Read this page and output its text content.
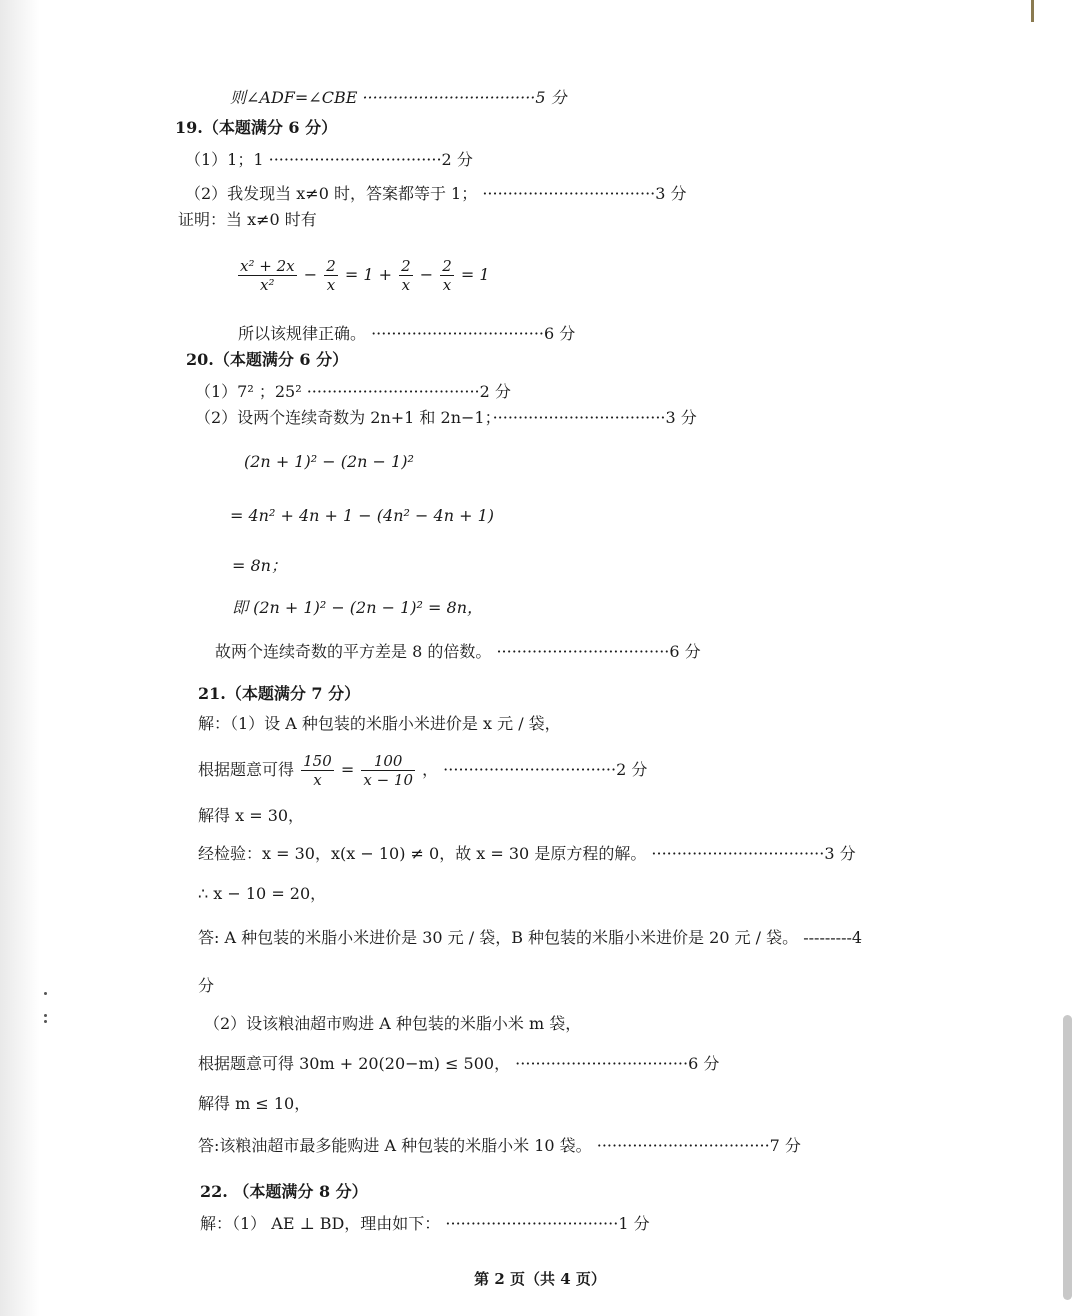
则∠ADF=∠CBE ··································5 分
19.（本题满分 6 分）
（1）1；1 ··································2 分
（2）我发现当 x≠0 时，答案都等于 1； ··································3 分
证明：当 x≠0 时有
$\frac{\text{x² + 2x}}{\text{x²}} - \frac{2}{x} = 1 + \frac{2}{x} - \frac{2}{x} = 1$
所以该规律正确。 ··································6 分
20.（本题满分 6 分）
（1）7² ；25² ··································2 分
（2）设两个连续奇数为 2n+1 和 2n−1；··································3 分
(2n + 1)² − (2n − 1)²
= 4n² + 4n + 1 − (4n² − 4n + 1)
= 8n；
即 (2n + 1)² − (2n − 1)² = 8n，
故两个连续奇数的平方差是 8 的倍数。 ··································6 分
21.（本题满分 7 分）
解：（1）设 A 种包装的米脂小米进价是 x 元 / 袋，
根据题意可得 $\frac{150}{x} = \frac{100}{x - 10}$ ， ··································2 分
解得 x = 30，
经检验：x = 30，x(x − 10) ≠ 0，故 x = 30 是原方程的解。 ··································3 分
∴ x − 10 = 20，
答: A 种包装的米脂小米进价是 30 元 / 袋，B 种包装的米脂小米进价是 20 元 / 袋。 ---------4
分
（2）设该粮油超市购进 A 种包装的米脂小米 m 袋，
根据题意可得 30m + 20(20−m) ≤ 500， ··································6 分
解得 m ≤ 10，
答:该粮油超市最多能购进 A 种包装的米脂小米 10 袋。 ··································7 分
22. （本题满分 8 分）
解：（1） AE ⊥ BD，理由如下： ··································1 分
第 2 页（共 4 页）
